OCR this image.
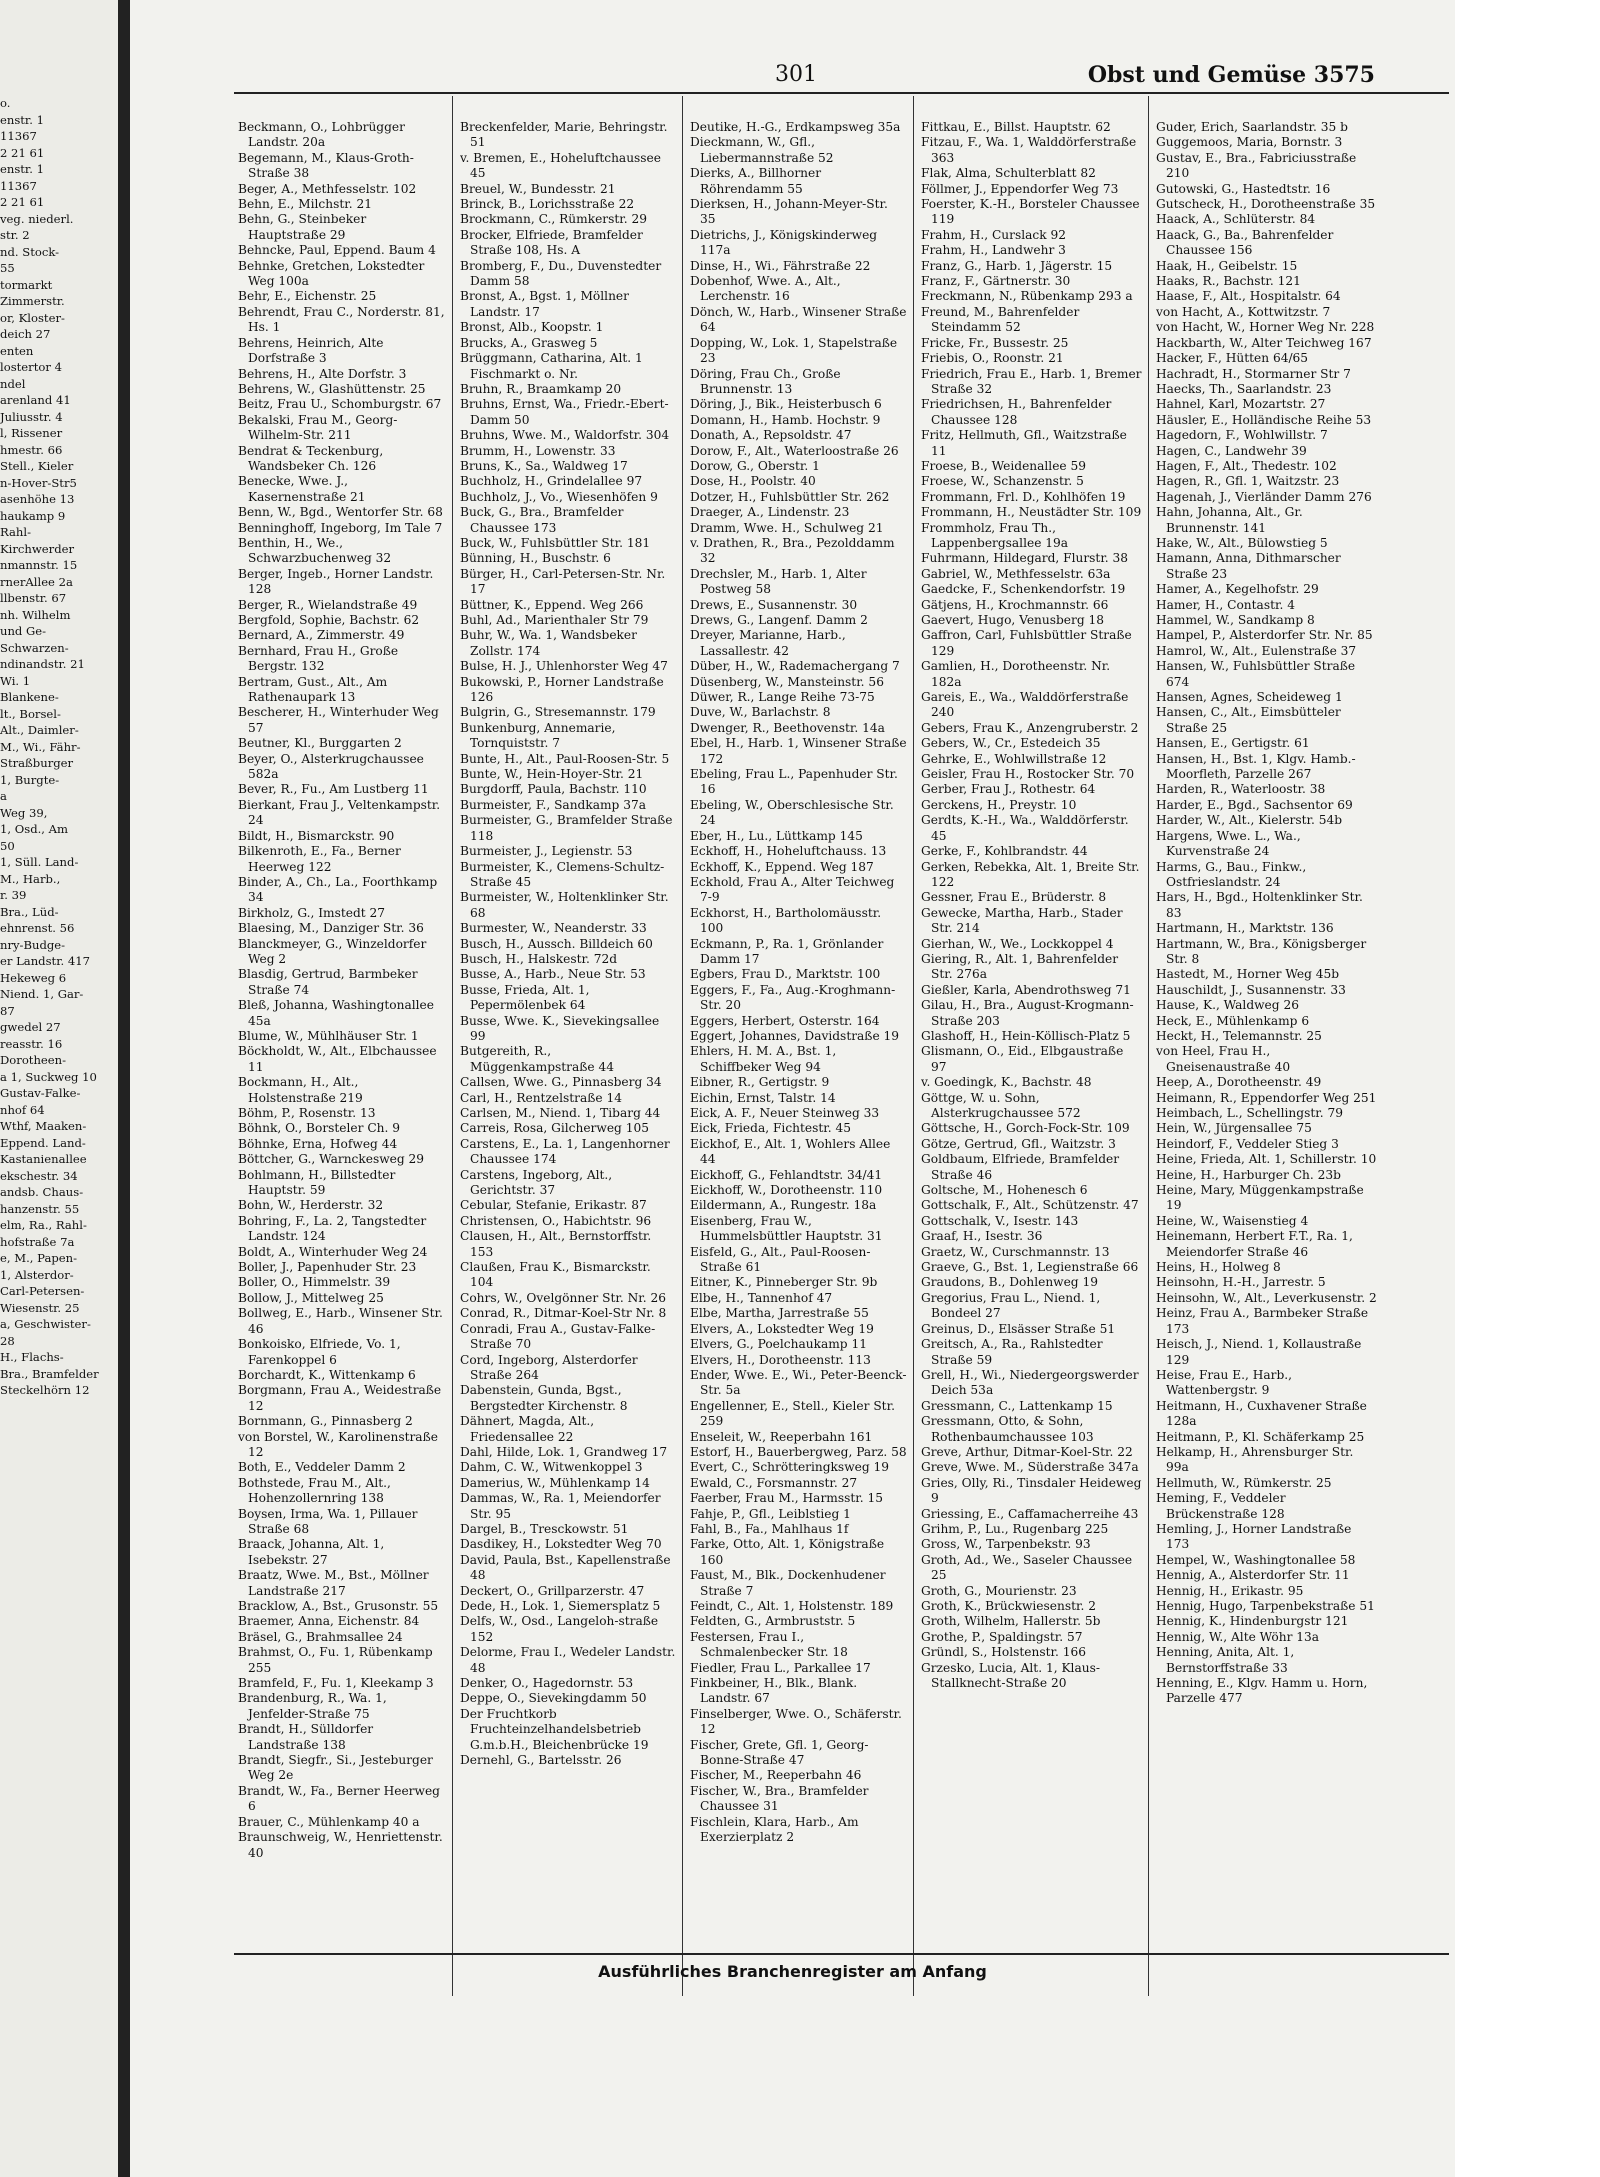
o.
enstr. 1
11367
2 21 61
enstr. 1
11367
2 21 61
veg. niederl.
str. 2
nd. Stock-
55
tormarkt
Zimmerstr.
or, Kloster-
deich 27
enten
lostertor 4
ndel
arenland 41
Juliusstr. 4
l, Rissener
hmestr. 66
Stell., Kieler
n-Hover-Str5
asenhöhe 13
haukamp 9
Rahl-
Kirchwerder
nmannstr. 15
rnerAllee 2a
llbenstr. 67
nh. Wilhelm
und Ge-
Schwarzen-
ndinandstr. 21
Wi. 1
Blankene-
lt., Borsel-
Alt., Daimler-
M., Wi., Fähr-
Straßburger
1, Burgte-
a
Weg 39,
1, Osd., Am
50
1, Süll. Land-
M., Harb.,
r. 39
Bra., Lüd-
ehnrenst. 56
nry-Budge-
er Landstr. 417
Hekeweg 6
Niend. 1, Gar-
87
gwedel 27
reasstr. 16
Dorotheen-
a 1, Suckweg 10
Gustav-Falke-
nhof 64
Wthf, Maaken-
Eppend. Land-
Kastanienallee
ekschestr. 34
andsb. Chaus-
hanzenstr. 55
elm, Ra., Rahl-
hofstraße 7a
e, M., Papen-
1, Alsterdor-
Carl-Petersen-
Wiesenstr. 25
a, Geschwister-
28
H., Flachs-
Bra., Bramfelder
Steckelhörn 12
301	Obst und Gemüse 3575
Beckmann, O., Lohbrügger Landstr. 20a
Begemann, M., Klaus-Groth-Straße 38
Beger, A., Methfesselstr. 102
Behn, E., Milchstr. 21
Behn, G., Steinbeker Hauptstraße 29
Behncke, Paul, Eppend. Baum 4
Behnke, Gretchen, Lokstedter Weg 100a
Behr, E., Eichenstr. 25
Behrendt, Frau C., Norderstr. 81, Hs. 1
Behrens, Heinrich, Alte Dorfstraße 3
Behrens, H., Alte Dorfstr. 3
Behrens, W., Glashüttenstr. 25
Beitz, Frau U., Schomburgstr. 67
Bekalski, Frau M., Georg-Wilhelm-Str. 211
Bendrat & Teckenburg, Wandsbeker Ch. 126
Benecke, Wwe. J., Kasernenstraße 21
Benn, W., Bgd., Wentorfer Str. 68
Benninghoff, Ingeborg, Im Tale 7
Benthin, H., We., Schwarzbuchenweg 32
Berger, Ingeb., Horner Landstr. 128
Berger, R., Wielandstraße 49
Bergfold, Sophie, Bachstr. 62
Bernard, A., Zimmerstr. 49
Bernhard, Frau H., Große Bergstr. 132
Bertram, Gust., Alt., Am Rathenaupark 13
Bescherer, H., Winterhuder Weg 57
Beutner, Kl., Burggarten 2
Beyer, O., Alsterkrugchaussee 582a
Bever, R., Fu., Am Lustberg 11
Bierkant, Frau J., Veltenkampstr. 24
Bildt, H., Bismarckstr. 90
Bilkenroth, E., Fa., Berner Heerweg 122
Binder, A., Ch., La., Foorthkamp 34
Birkholz, G., Imstedt 27
Blaesing, M., Danziger Str. 36
Blanckmeyer, G., Winzeldorfer Weg 2
Blasdig, Gertrud, Barmbeker Straße 74
Bleß, Johanna, Washingtonallee 45a
Blume, W., Mühlhäuser Str. 1
Böckholdt, W., Alt., Elbchaussee 11
Bockmann, H., Alt., Holstenstraße 219
Böhm, P., Rosenstr. 13
Böhnk, O., Borsteler Ch. 9
Böhnke, Erna, Hofweg 44
Böttcher, G., Warnckesweg 29
Bohlmann, H., Billstedter Hauptstr. 59
Bohn, W., Herderstr. 32
Bohring, F., La. 2, Tangstedter Landstr. 124
Boldt, A., Winterhuder Weg 24
Boller, J., Papenhuder Str. 23
Boller, O., Himmelstr. 39
Bollow, J., Mittelweg 25
Bollweg, E., Harb., Winsener Str. 46
Bonkoisko, Elfriede, Vo. 1, Farenkoppel 6
Borchardt, K., Wittenkamp 6
Borgmann, Frau A., Weidestraße 12
Bornmann, G., Pinnasberg 2
von Borstel, W., Karolinenstraße 12
Both, E., Veddeler Damm 2
Bothstede, Frau M., Alt., Hohenzollernring 138
Boysen, Irma, Wa. 1, Pillauer Straße 68
Braack, Johanna, Alt. 1, Isebekstr. 27
Braatz, Wwe. M., Bst., Möllner Landstraße 217
Bracklow, A., Bst., Grusonstr. 55
Braemer, Anna, Eichenstr. 84
Bräsel, G., Brahmsallee 24
Brahmst, O., Fu. 1, Rübenkamp 255
Bramfeld, F., Fu. 1, Kleekamp 3
Brandenburg, R., Wa. 1, Jenfelder-Straße 75
Brandt, H., Sülldorfer Landstraße 138
Brandt, Siegfr., Si., Jesteburger Weg 2e
Brandt, W., Fa., Berner Heerweg 6
Brauer, C., Mühlenkamp 40 a
Braunschweig, W., Henriettenstr. 40
Breckenfelder, Marie, Behringstr. 51
v. Bremen, E., Hoheluftchaussee 45
Breuel, W., Bundesstr. 21
Brinck, B., Lorichsstraße 22
Brockmann, C., Rümkerstr. 29
Brocker, Elfriede, Bramfelder Straße 108, Hs. A
Bromberg, F., Du., Duvenstedter Damm 58
Bronst, A., Bgst. 1, Möllner Landstr. 17
Bronst, Alb., Koopstr. 1
Brucks, A., Grasweg 5
Brüggmann, Catharina, Alt. 1 Fischmarkt o. Nr.
Bruhn, R., Braamkamp 20
Bruhns, Ernst, Wa., Friedr.-Ebert-Damm 50
Bruhns, Wwe. M., Waldorfstr. 304
Brumm, H., Lowenstr. 33
Bruns, K., Sa., Waldweg 17
Buchholz, H., Grindelallee 97
Buchholz, J., Vo., Wiesenhöfen 9
Buck, G., Bra., Bramfelder Chaussee 173
Buck, W., Fuhlsbüttler Str. 181
Bünning, H., Buschstr. 6
Bürger, H., Carl-Petersen-Str. Nr. 17
Büttner, K., Eppend. Weg 266
Buhl, Ad., Marienthaler Str 79
Buhr, W., Wa. 1, Wandsbeker Zollstr. 174
Bulse, H. J., Uhlenhorster Weg 47
Bukowski, P., Horner Landstraße 126
Bulgrin, G., Stresemannstr. 179
Bunkenburg, Annemarie, Tornquiststr. 7
Bunte, H., Alt., Paul-Roosen-Str. 5
Bunte, W., Hein-Hoyer-Str. 21
Burgdorff, Paula, Bachstr. 110
Burmeister, F., Sandkamp 37a
Burmeister, G., Bramfelder Straße 118
Burmeister, J., Legienstr. 53
Burmeister, K., Clemens-Schultz-Straße 45
Burmeister, W., Holtenklinker Str. 68
Burmester, W., Neanderstr. 33
Busch, H., Aussch. Billdeich 60
Busch, H., Halskestr. 72d
Busse, A., Harb., Neue Str. 53
Busse, Frieda, Alt. 1, Pepermölenbek 64
Busse, Wwe. K., Sievekingsallee 99
Butgereith, R., Müggenkampstraße 44
Callsen, Wwe. G., Pinnasberg 34
Carl, H., Rentzelstraße 14
Carlsen, M., Niend. 1, Tibarg 44
Carreis, Rosa, Gilcherweg 105
Carstens, E., La. 1, Langenhorner Chaussee 174
Carstens, Ingeborg, Alt., Gerichtstr. 37
Cebular, Stefanie, Erikastr. 87
Christensen, O., Habichtstr. 96
Clausen, H., Alt., Bernstorffstr. 153
Claußen, Frau K., Bismarckstr. 104
Cohrs, W., Ovelgönner Str. Nr. 26
Conrad, R., Ditmar-Koel-Str Nr. 8
Conradi, Frau A., Gustav-Falke-Straße 70
Cord, Ingeborg, Alsterdorfer Straße 264
Dabenstein, Gunda, Bgst., Bergstedter Kirchenstr. 8
Dähnert, Magda, Alt., Friedensallee 22
Dahl, Hilde, Lok. 1, Grandweg 17
Dahm, C. W., Witwenkoppel 3
Damerius, W., Mühlenkamp 14
Dammas, W., Ra. 1, Meiendorfer Str. 95
Dargel, B., Tresckowstr. 51
Dasdikey, H., Lokstedter Weg 70
David, Paula, Bst., Kapellenstraße 48
Deckert, O., Grillparzerstr. 47
Dede, H., Lok. 1, Siemersplatz 5
Delfs, W., Osd., Langeloh-straße 152
Delorme, Frau I., Wedeler Landstr. 48
Denker, O., Hagedornstr. 53
Deppe, O., Sievekingdamm 50
Der Fruchtkorb Fruchteinzelhandelsbetrieb G.m.b.H., Bleichenbrücke 19
Dernehl, G., Bartelsstr. 26
Deutike, H.-G., Erdkampsweg 35a
Dieckmann, W., Gfl., Liebermannstraße 52
Dierks, A., Billhorner Röhrendamm 55
Dierksen, H., Johann-Meyer-Str. 35
Dietrichs, J., Königskinderweg 117a
Dinse, H., Wi., Fährstraße 22
Dobenhof, Wwe. A., Alt., Lerchenstr. 16
Dönch, W., Harb., Winsener Straße 64
Dopping, W., Lok. 1, Stapelstraße 23
Döring, Frau Ch., Große Brunnenstr. 13
Döring, J., Bik., Heisterbusch 6
Domann, H., Hamb. Hochstr. 9
Donath, A., Repsoldstr. 47
Dorow, F., Alt., Waterloostraße 26
Dorow, G., Oberstr. 1
Dose, H., Poolstr. 40
Dotzer, H., Fuhlsbüttler Str. 262
Draeger, A., Lindenstr. 23
Dramm, Wwe. H., Schulweg 21
v. Drathen, R., Bra., Pezolddamm 32
Drechsler, M., Harb. 1, Alter Postweg 58
Drews, E., Susannenstr. 30
Drews, G., Langenf. Damm 2
Dreyer, Marianne, Harb., Lassallestr. 42
Düber, H., W., Rademachergang 7
Düsenberg, W., Mansteinstr. 56
Düwer, R., Lange Reihe 73-75
Duve, W., Barlachstr. 8
Dwenger, R., Beethovenstr. 14a
Ebel, H., Harb. 1, Winsener Straße 172
Ebeling, Frau L., Papenhuder Str. 16
Ebeling, W., Oberschlesische Str. 24
Eber, H., Lu., Lüttkamp 145
Eckhoff, H., Hoheluftchauss. 13
Eckhoff, K., Eppend. Weg 187
Eckhold, Frau A., Alter Teichweg 7-9
Eckhorst, H., Bartholomäusstr. 100
Eckmann, P., Ra. 1, Grönlander Damm 17
Egbers, Frau D., Marktstr. 100
Eggers, F., Fa., Aug.-Kroghmann-Str. 20
Eggers, Herbert, Osterstr. 164
Eggert, Johannes, Davidstraße 19
Ehlers, H. M. A., Bst. 1, Schiffbeker Weg 94
Eibner, R., Gertigstr. 9
Eichin, Ernst, Talstr. 14
Eick, A. F., Neuer Steinweg 33
Eick, Frieda, Fichtestr. 45
Eickhof, E., Alt. 1, Wohlers Allee 44
Eickhoff, G., Fehlandtstr. 34/41
Eickhoff, W., Dorotheenstr. 110
Eildermann, A., Rungestr. 18a
Eisenberg, Frau W., Hummelsbüttler Hauptstr. 31
Eisfeld, G., Alt., Paul-Roosen-Straße 61
Eitner, K., Pinneberger Str. 9b
Elbe, H., Tannenhof 47
Elbe, Martha, Jarrestraße 55
Elvers, A., Lokstedter Weg 19
Elvers, G., Poelchaukamp 11
Elvers, H., Dorotheenstr. 113
Ender, Wwe. E., Wi., Peter-Beenck-Str. 5a
Engellenner, E., Stell., Kieler Str. 259
Enseleit, W., Reeperbahn 161
Estorf, H., Bauerbergweg, Parz. 58
Evert, C., Schrötteringksweg 19
Ewald, C., Forsmannstr. 27
Faerber, Frau M., Harmsstr. 15
Fahje, P., Gfl., Leiblstieg 1
Fahl, B., Fa., Mahlhaus 1f
Farke, Otto, Alt. 1, Königstraße 160
Faust, M., Blk., Dockenhudener Straße 7
Feindt, C., Alt. 1, Holstenstr. 189
Feldten, G., Armbruststr. 5
Festersen, Frau I., Schmalenbecker Str. 18
Fiedler, Frau L., Parkallee 17
Finkbeiner, H., Blk., Blank. Landstr. 67
Finselberger, Wwe. O., Schäferstr. 12
Fischer, Grete, Gfl. 1, Georg-Bonne-Straße 47
Fischer, M., Reeperbahn 46
Fischer, W., Bra., Bramfelder Chaussee 31
Fischlein, Klara, Harb., Am Exerzierplatz 2
Fittkau, E., Billst. Hauptstr. 62
Fitzau, F., Wa. 1, Walddörferstraße 363
Flak, Alma, Schulterblatt 82
Föllmer, J., Eppendorfer Weg 73
Foerster, K.-H., Borsteler Chaussee 119
Frahm, H., Curslack 92
Frahm, H., Landwehr 3
Franz, G., Harb. 1, Jägerstr. 15
Franz, F., Gärtnerstr. 30
Freckmann, N., Rübenkamp 293 a
Freund, M., Bahrenfelder Steindamm 52
Fricke, Fr., Bussestr. 25
Friebis, O., Roonstr. 21
Friedrich, Frau E., Harb. 1, Bremer Straße 32
Friedrichsen, H., Bahrenfelder Chaussee 128
Fritz, Hellmuth, Gfl., Waitzstraße 11
Froese, B., Weidenallee 59
Froese, W., Schanzenstr. 5
Frommann, Frl. D., Kohlhöfen 19
Frommann, H., Neustädter Str. 109
Frommholz, Frau Th., Lappenbergsallee 19a
Fuhrmann, Hildegard, Flurstr. 38
Gabriel, W., Methfesselstr. 63a
Gaedcke, F., Schenkendorfstr. 19
Gätjens, H., Krochmannstr. 66
Gaevert, Hugo, Venusberg 18
Gaffron, Carl, Fuhlsbüttler Straße 129
Gamlien, H., Dorotheenstr. Nr. 182a
Gareis, E., Wa., Walddörferstraße 240
Gebers, Frau K., Anzengruberstr. 2
Gebers, W., Cr., Estedeich 35
Gehrke, E., Wohlwillstraße 12
Geisler, Frau H., Rostocker Str. 70
Gerber, Frau J., Rothestr. 64
Gerckens, H., Preystr. 10
Gerdts, K.-H., Wa., Walddörferstr. 45
Gerke, F., Kohlbrandstr. 44
Gerken, Rebekka, Alt. 1, Breite Str. 122
Gessner, Frau E., Brüderstr. 8
Gewecke, Martha, Harb., Stader Str. 214
Gierhan, W., We., Lockkoppel 4
Giering, R., Alt. 1, Bahrenfelder Str. 276a
Gießler, Karla, Abendrothsweg 71
Gilau, H., Bra., August-Krogmann-Straße 203
Glashoff, H., Hein-Köllisch-Platz 5
Glismann, O., Eid., Elbgaustraße 97
v. Goedingk, K., Bachstr. 48
Göttge, W. u. Sohn, Alsterkrugchaussee 572
Göttsche, H., Gorch-Fock-Str. 109
Götze, Gertrud, Gfl., Waitzstr. 3
Goldbaum, Elfriede, Bramfelder Straße 46
Goltsche, M., Hohenesch 6
Gottschalk, F., Alt., Schützenstr. 47
Gottschalk, V., Isestr. 143
Graaf, H., Isestr. 36
Graetz, W., Curschmannstr. 13
Graeve, G., Bst. 1, Legienstraße 66
Graudons, B., Dohlenweg 19
Gregorius, Frau L., Niend. 1, Bondeel 27
Greinus, D., Elsässer Straße 51
Greitsch, A., Ra., Rahlstedter Straße 59
Grell, H., Wi., Niedergeorgswerder Deich 53a
Gressmann, C., Lattenkamp 15
Gressmann, Otto, & Sohn, Rothenbaumchaussee 103
Greve, Arthur, Ditmar-Koel-Str. 22
Greve, Wwe. M., Süderstraße 347a
Gries, Olly, Ri., Tinsdaler Heideweg 9
Griessing, E., Caffamacherreihe 43
Grihm, P., Lu., Rugenbarg 225
Gross, W., Tarpenbekstr. 93
Groth, Ad., We., Saseler Chaussee 25
Groth, G., Mourienstr. 23
Groth, K., Brückwiesenstr. 2
Groth, Wilhelm, Hallerstr. 5b
Grothe, P., Spaldingstr. 57
Gründl, S., Holstenstr. 166
Grzesko, Lucia, Alt. 1, Klaus-Stallknecht-Straße 20
Guder, Erich, Saarlandstr. 35 b
Guggemoos, Maria, Bornstr. 3
Gustav, E., Bra., Fabriciusstraße 210
Gutowski, G., Hastedtstr. 16
Gutscheck, H., Dorotheenstraße 35
Haack, A., Schlüterstr. 84
Haack, G., Ba., Bahrenfelder Chaussee 156
Haak, H., Geibelstr. 15
Haaks, R., Bachstr. 121
Haase, F., Alt., Hospitalstr. 64
von Hacht, A., Kottwitzstr. 7
von Hacht, W., Horner Weg Nr. 228
Hackbarth, W., Alter Teichweg 167
Hacker, F., Hütten 64/65
Hachradt, H., Stormarner Str 7
Haecks, Th., Saarlandstr. 23
Hahnel, Karl, Mozartstr. 27
Häusler, E., Holländische Reihe 53
Hagedorn, F., Wohlwillstr. 7
Hagen, C., Landwehr 39
Hagen, F., Alt., Thedestr. 102
Hagen, R., Gfl. 1, Waitzstr. 23
Hagenah, J., Vierländer Damm 276
Hahn, Johanna, Alt., Gr. Brunnenstr. 141
Hake, W., Alt., Bülowstieg 5
Hamann, Anna, Dithmarscher Straße 23
Hamer, A., Kegelhofstr. 29
Hamer, H., Contastr. 4
Hammel, W., Sandkamp 8
Hampel, P., Alsterdorfer Str. Nr. 85
Hamrol, W., Alt., Eulenstraße 37
Hansen, W., Fuhlsbüttler Straße 674
Hansen, Agnes, Scheideweg 1
Hansen, C., Alt., Eimsbütteler Straße 25
Hansen, E., Gertigstr. 61
Hansen, H., Bst. 1, Klgv. Hamb.-Moorfleth, Parzelle 267
Harden, R., Waterloostr. 38
Harder, E., Bgd., Sachsentor 69
Harder, W., Alt., Kielerstr. 54b
Hargens, Wwe. L., Wa., Kurvenstraße 24
Harms, G., Bau., Finkw., Ostfrieslandstr. 24
Hars, H., Bgd., Holtenklinker Str. 83
Hartmann, H., Marktstr. 136
Hartmann, W., Bra., Königsberger Str. 8
Hastedt, M., Horner Weg 45b
Hauschildt, J., Susannenstr. 33
Hause, K., Waldweg 26
Heck, E., Mühlenkamp 6
Heckt, H., Telemannstr. 25
von Heel, Frau H., Gneisenaustraße 40
Heep, A., Dorotheenstr. 49
Heimann, R., Eppendorfer Weg 251
Heimbach, L., Schellingstr. 79
Hein, W., Jürgensallee 75
Heindorf, F., Veddeler Stieg 3
Heine, Frieda, Alt. 1, Schillerstr. 10
Heine, H., Harburger Ch. 23b
Heine, Mary, Müggenkampstraße 19
Heine, W., Waisenstieg 4
Heinemann, Herbert F.T., Ra. 1, Meiendorfer Straße 46
Heins, H., Holweg 8
Heinsohn, H.-H., Jarrestr. 5
Heinsohn, W., Alt., Leverkusenstr. 2
Heinz, Frau A., Barmbeker Straße 173
Heisch, J., Niend. 1, Kollaustraße 129
Heise, Frau E., Harb., Wattenbergstr. 9
Heitmann, H., Cuxhavener Straße 128a
Heitmann, P., Kl. Schäferkamp 25
Helkamp, H., Ahrensburger Str. 99a
Hellmuth, W., Rümkerstr. 25
Heming, F., Veddeler Brückenstraße 128
Hemling, J., Horner Landstraße 173
Hempel, W., Washingtonallee 58
Hennig, A., Alsterdorfer Str. 11
Hennig, H., Erikastr. 95
Hennig, Hugo, Tarpenbekstraße 51
Hennig, K., Hindenburgstr 121
Hennig, W., Alte Wöhr 13a
Henning, Anita, Alt. 1, Bernstorffstraße 33
Henning, E., Klgv. Hamm u. Horn, Parzelle 477
Ausführliches Branchenregister am Anfang
